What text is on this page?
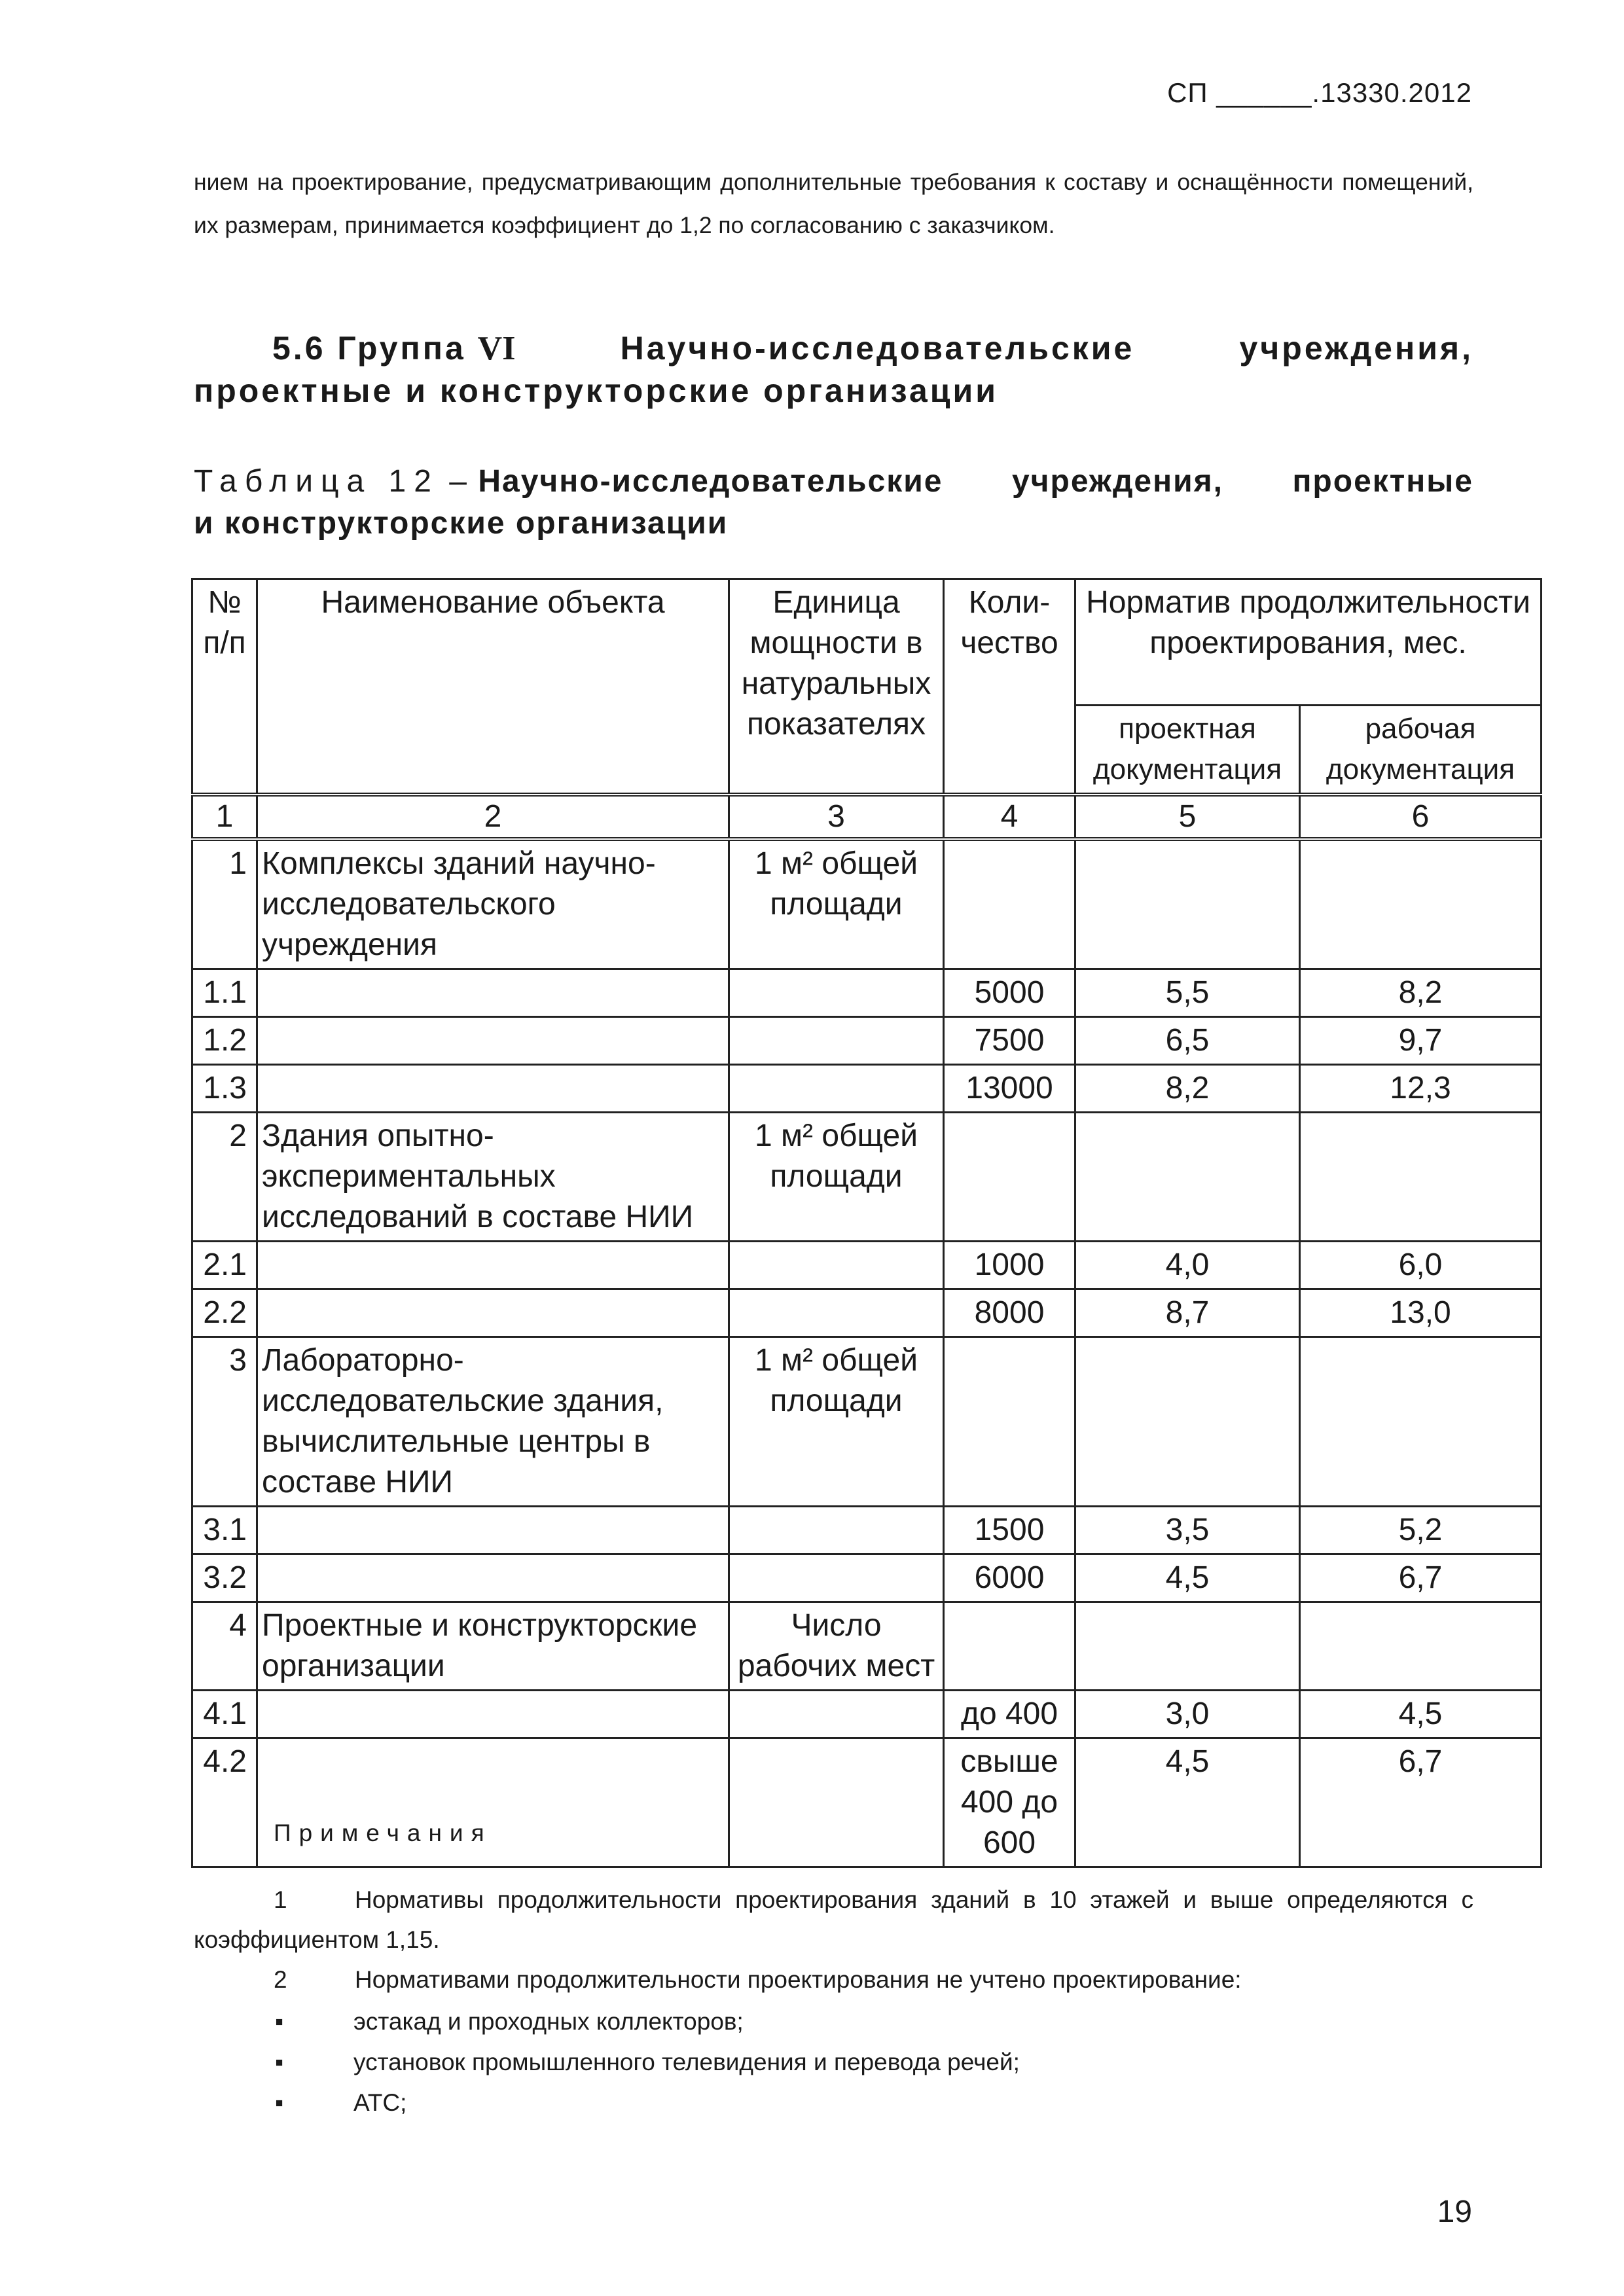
СП ______.13330.2012
нием на проектирование, предусматривающим дополнительные требования к составу и оснащённости помещений, их размерам, принимается коэффициент до 1,2 по согласованию с заказчиком.
5.6 Группа VI	Научно-исследовательские	учреждения,
проектные и конструкторские организации
Таблица 12 – Научно-исследовательские учреждения, проектные
и конструкторские организации
№ п/п	Наименование объекта	Единица мощности в натуральных показателях	Коли-чество	Норматив продолжительности проектирования, мес.	
				проектная документация	рабочая документация
1	2	3	4	5	6
1	Комплексы зданий научно-исследовательского учреждения	1 м² общей площади			
1.1			5000	5,5	8,2
1.2			7500	6,5	9,7
1.3			13000	8,2	12,3
2	Здания опытно-экспериментальных исследований в составе НИИ	1 м² общей площади			
2.1			1000	4,0	6,0
2.2			8000	8,7	13,0
3	Лабораторно-исследовательские здания, вычислительные центры в составе НИИ	1 м² общей площади			
3.1			1500	3,5	5,2
3.2			6000	4,5	6,7
4	Проектные и конструкторские организации	Число рабочих мест			
4.1			до 400	3,0	4,5
4.2			свыше 400 до 600	4,5	6,7
Примечания
1	Нормативы продолжительности проектирования зданий в 10 этажей и выше определяются с коэффициентом 1,15.
2	Нормативами продолжительности проектирования не учтено проектирование:
▪	эстакад и проходных коллекторов;
▪	установок промышленного телевидения и перевода речей;
▪	АТС;
19
